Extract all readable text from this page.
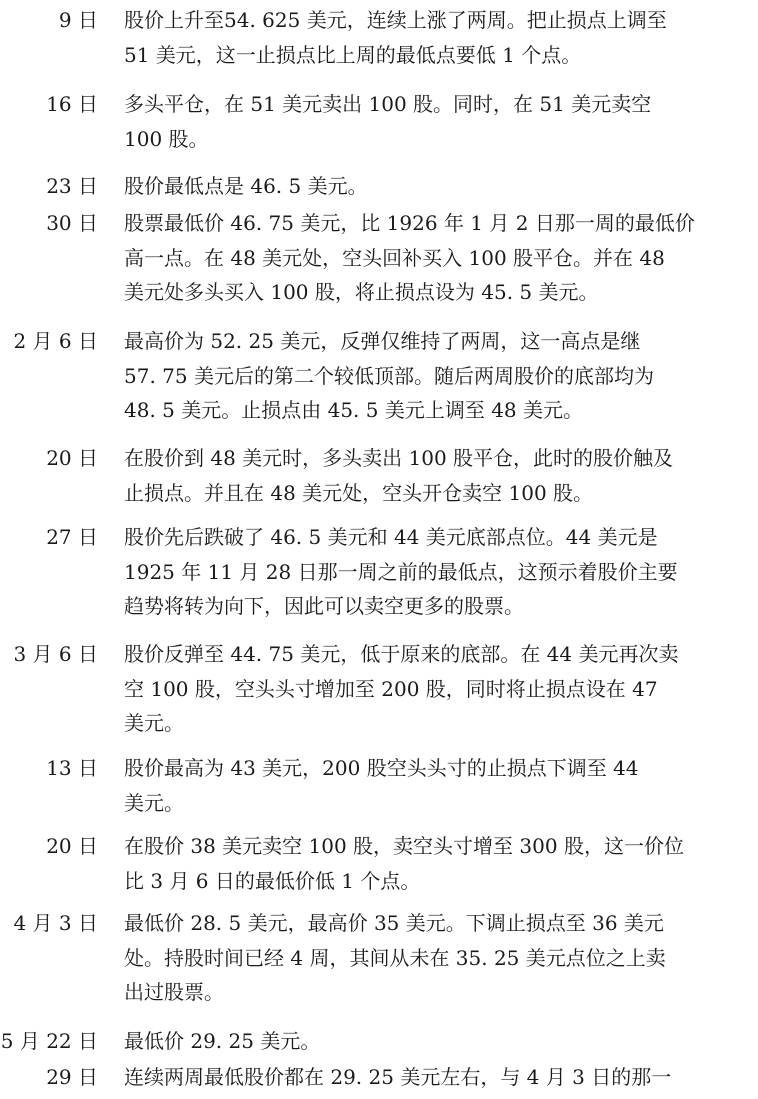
9 日 股价上升至54. 625 美元，连续上涨了两周。把止损点上调至
51 美元，这一止损点比上周的最低点要低 1 个点。
16 日 多头平仓，在 51 美元卖出 100 股。同时，在 51 美元卖空
100 股。
23 日 股价最低点是 46. 5 美元。
30 日 股票最低价 46. 75 美元，比 1926 年 1 月 2 日那一周的最低价
高一点。在 48 美元处，空头回补买入 100 股平仓。并在 48
美元处多头买入 100 股，将止损点设为 45. 5 美元。
2 月 6 日 最高价为 52. 25 美元，反弹仅维持了两周，这一高点是继
57. 75 美元后的第二个较低顶部。随后两周股价的底部均为
48. 5 美元。止损点由 45. 5 美元上调至 48 美元。
20 日 在股价到 48 美元时，多头卖出 100 股平仓，此时的股价触及
止损点。并且在 48 美元处，空头开仓卖空 100 股。
27 日 股价先后跌破了 46. 5 美元和 44 美元底部点位。44 美元是
1925 年 11 月 28 日那一周之前的最低点，这预示着股价主要
趋势将转为向下，因此可以卖空更多的股票。
3 月 6 日 股价反弹至 44. 75 美元，低于原来的底部。在 44 美元再次卖
空 100 股，空头头寸增加至 200 股，同时将止损点设在 47
美元。
13 日 股价最高为 43 美元，200 股空头头寸的止损点下调至 44
美元。
20 日 在股价 38 美元卖空 100 股，卖空头寸增至 300 股，这一价位
比 3 月 6 日的最低价低 1 个点。
4 月 3 日 最低价 28. 5 美元，最高价 35 美元。下调止损点至 36 美元
处。持股时间已经 4 周，其间从未在 35. 25 美元点位之上卖
出过股票。
5 月 22 日 最低价 29. 25 美元。
29 日 连续两周最低股价都在 29. 25 美元左右，与 4 月 3 日的那一
